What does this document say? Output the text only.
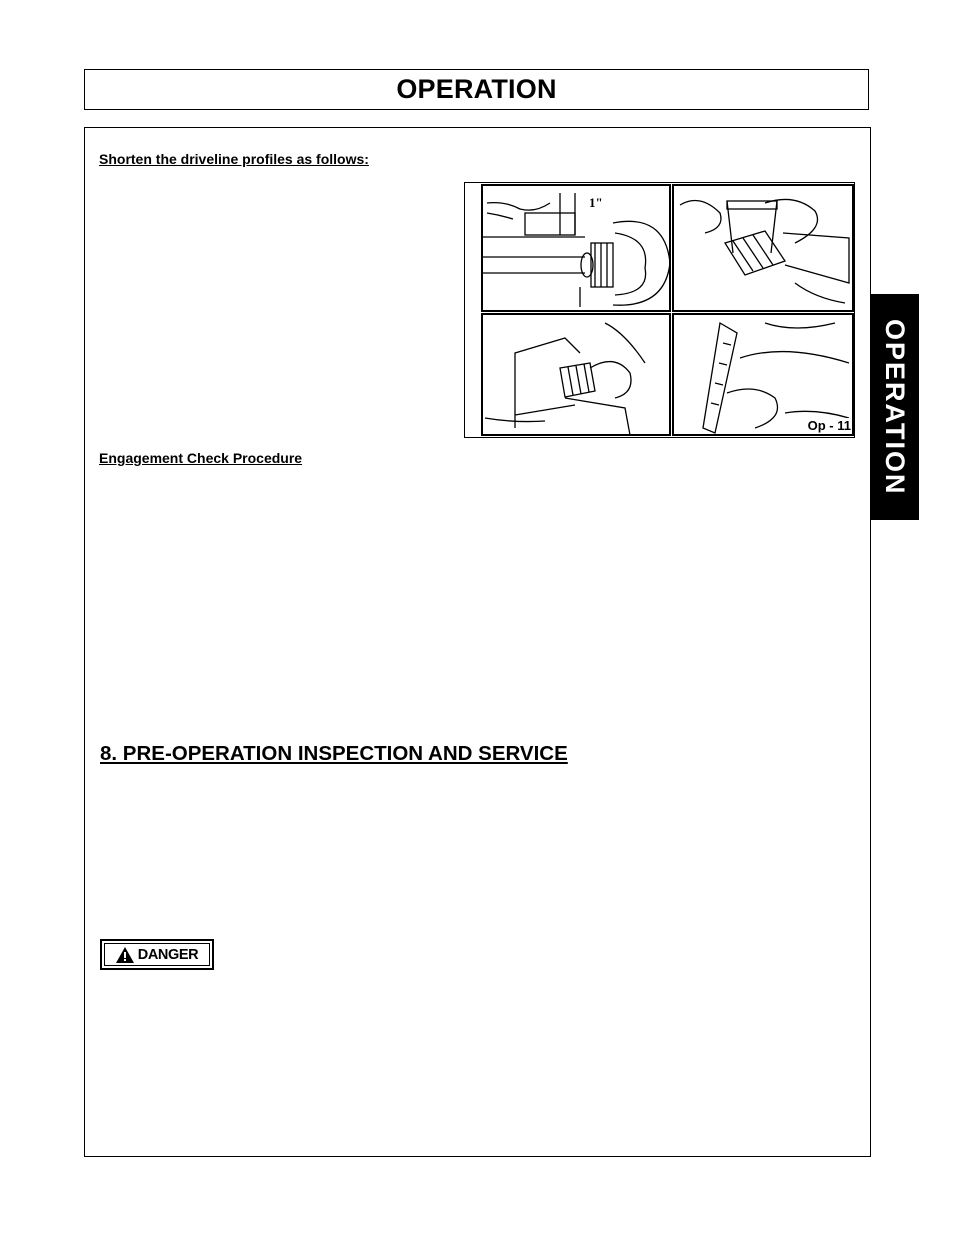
OPERATION
Shorten the driveline profiles as follows:
1"
Op - 11
Engagement Check Procedure
8. PRE-OPERATION INSPECTION AND SERVICE
DANGER
OPERATION
